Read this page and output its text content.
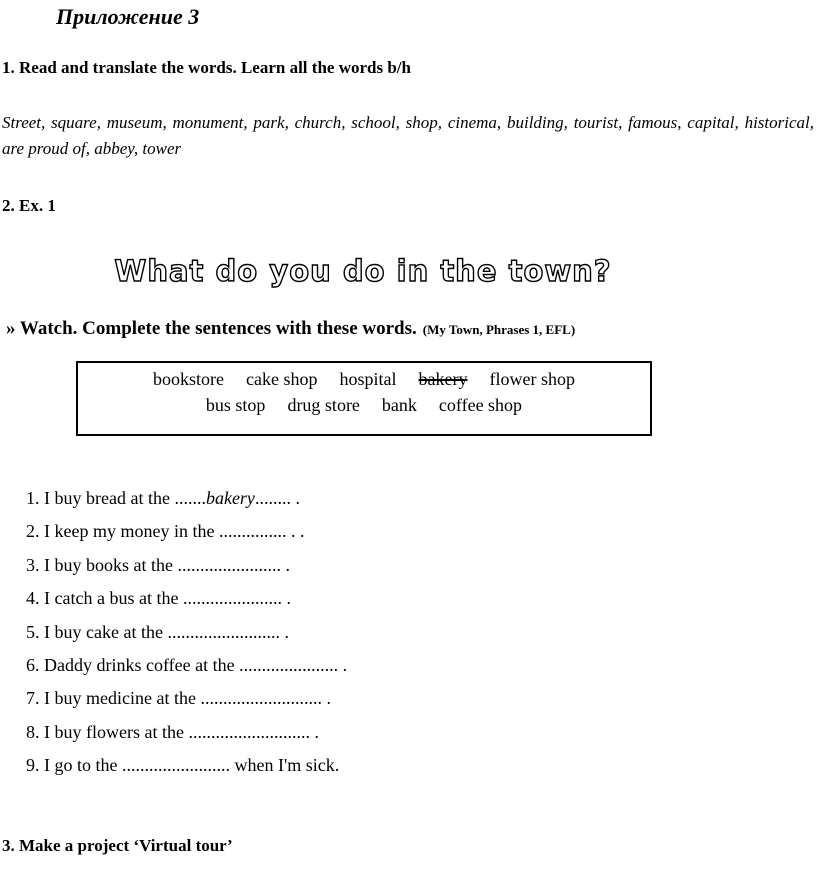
Приложение 3
1. Read and translate the words. Learn all the words b/h
Street, square, museum, monument, park, church, school, shop, cinema, building, tourist, famous, capital, historical, are proud of, abbey, tower
2. Ex. 1
What do you do in the town?
» Watch. Complete the sentences with these words. (My Town, Phrases 1, EFL)
bookstore cake shop hospital bakery flower shop
bus stop drug store bank coffee shop
1. I buy bread at the .......bakery........ .
2. I keep my money in the ............... . .
3. I buy books at the ....................... .
4. I catch a bus at the ...................... .
5. I buy cake at the ......................... .
6. Daddy drinks coffee at the ...................... .
7. I buy medicine at the ........................... .
8. I buy flowers at the ........................... .
9. I go to the ........................ when I'm sick.
3. Make a project ‘Virtual tour’
